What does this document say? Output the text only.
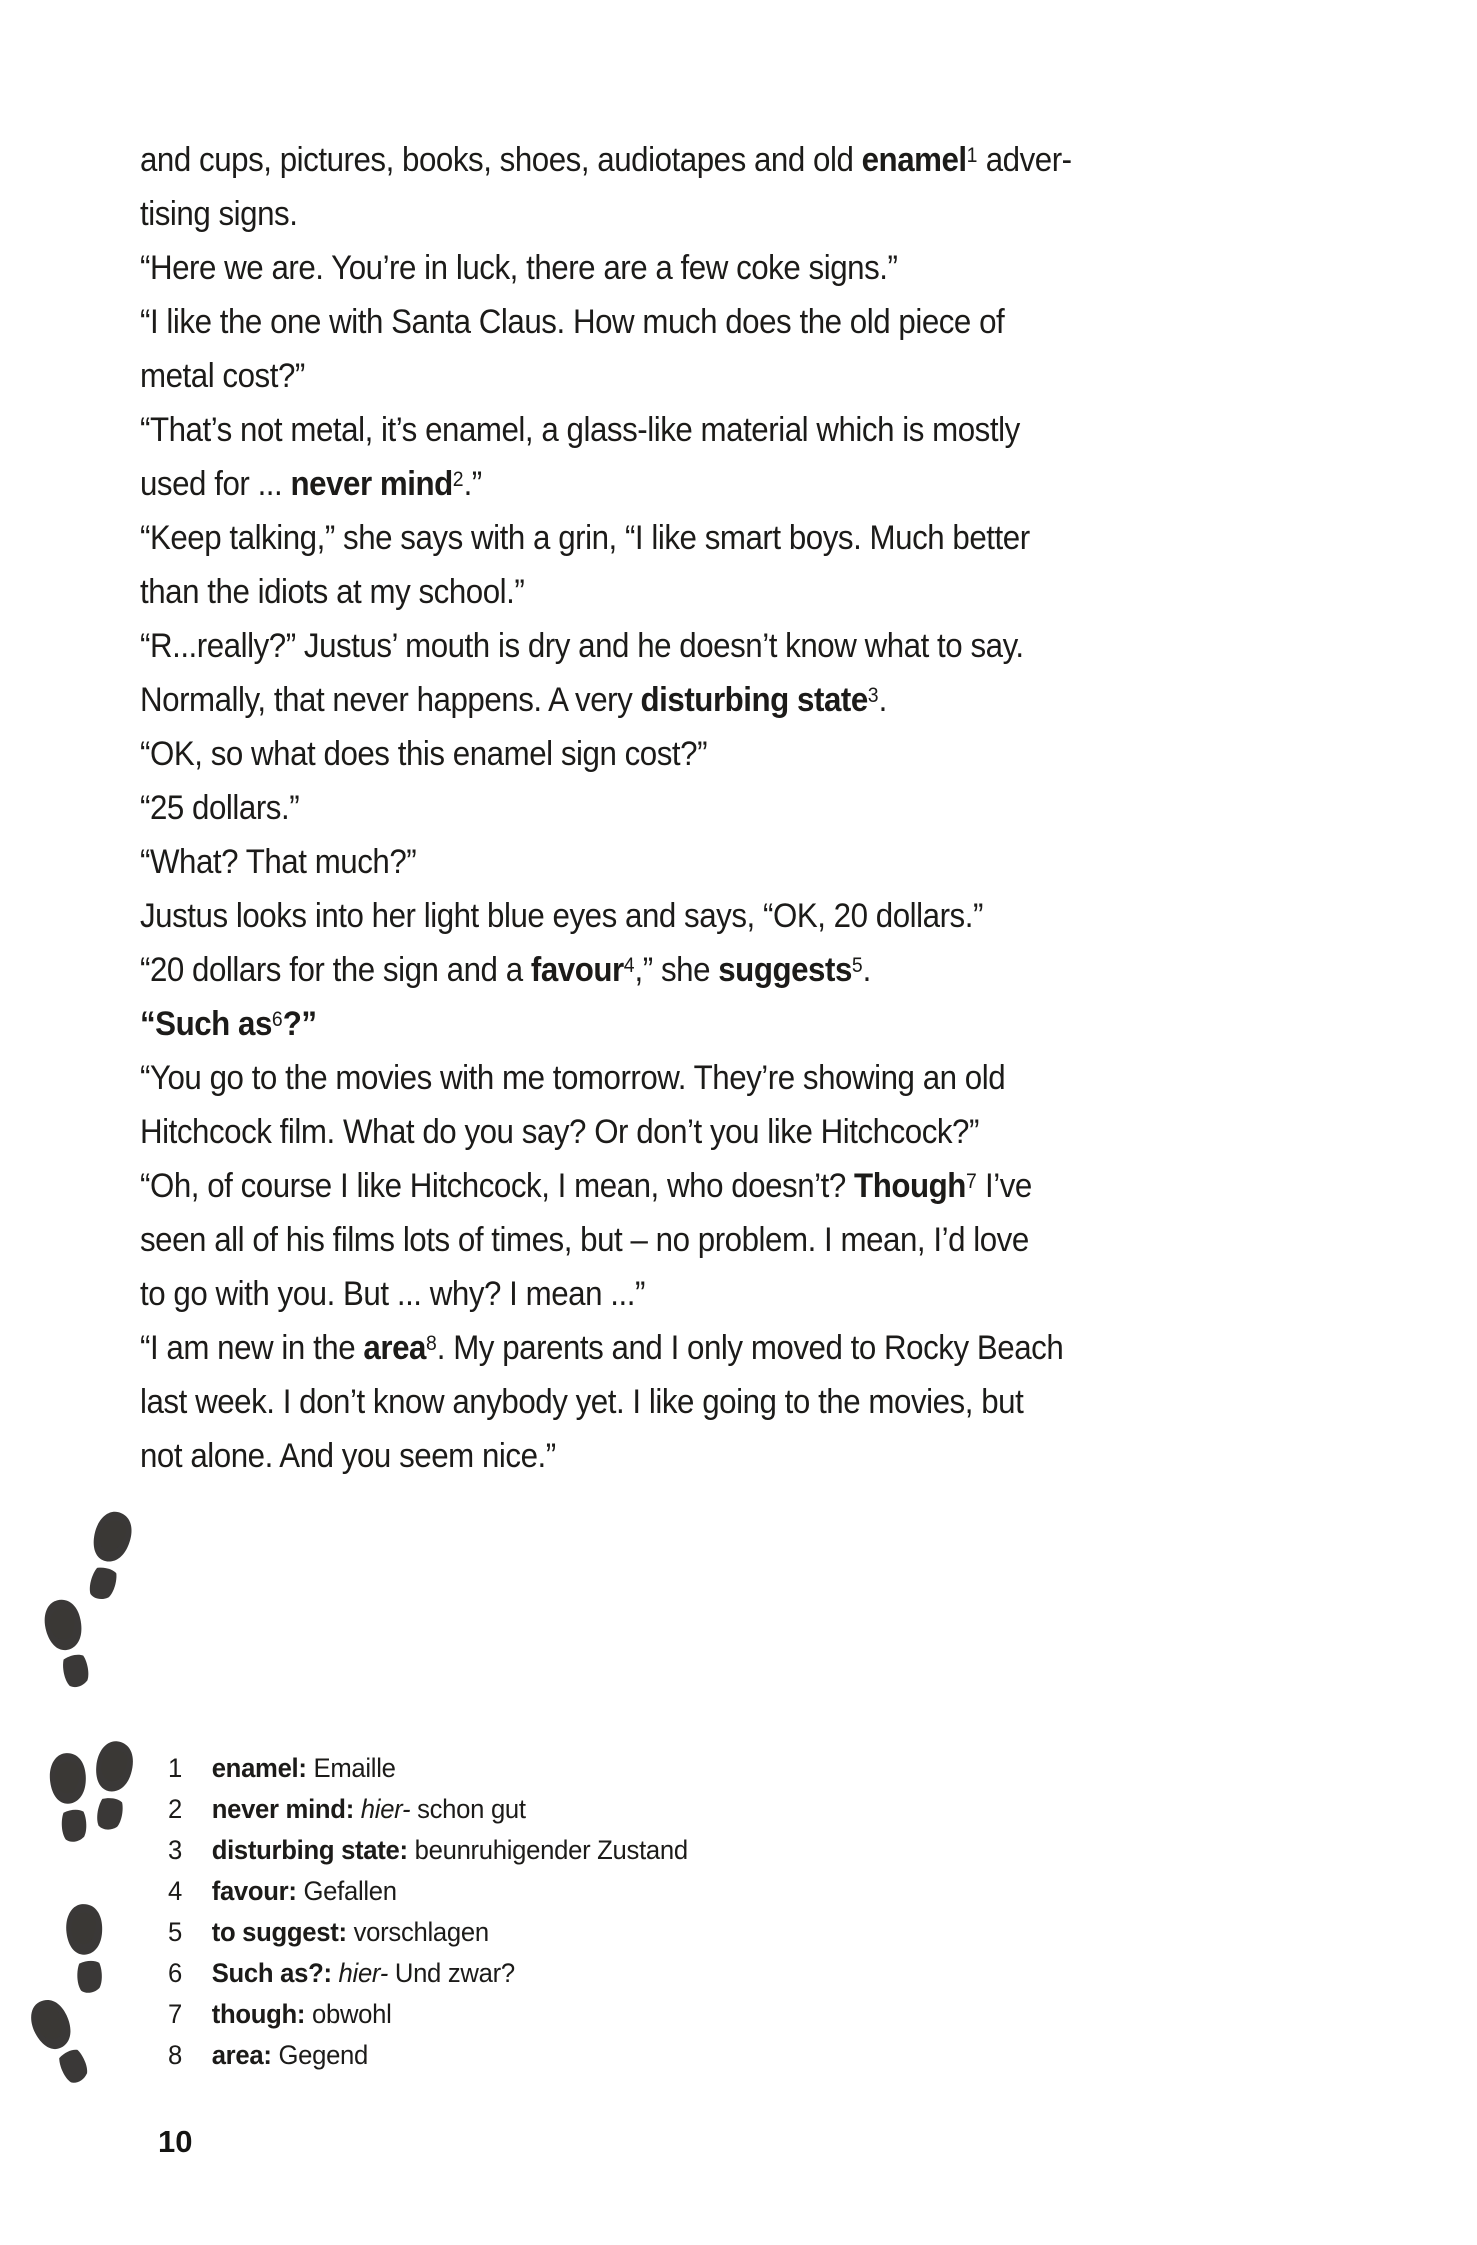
and cups, pictures, books, shoes, audiotapes and old enamel$^1$ adver-
tising signs.
“Here we are. You’re in luck, there are a few coke signs.”
“I like the one with Santa Claus. How much does the old piece of
metal cost?”
“That’s not metal, it’s enamel, a glass-like material which is mostly
used for ... never mind$^2$.”
“Keep talking,” she says with a grin, “I like smart boys. Much better
than the idiots at my school.”
“R...really?” Justus’ mouth is dry and he doesn’t know what to say.
Normally, that never happens. A very disturbing state$^3$.
“OK, so what does this enamel sign cost?”
“25 dollars.”
“What? That much?”
Justus looks into her light blue eyes and says, “OK, 20 dollars.”
“20 dollars for the sign and a favour$^4$,” she suggests$^5$.
“Such $as^6$?”
“You go to the movies with me tomorrow. They’re showing an old
Hitchcock film. What do you say? Or don’t you like Hitchcock?”
“Oh, of course I like Hitchcock, I mean, who doesn’t? Though$^7$ I’ve
seen all of his films lots of times, but – no problem. I mean, I’d love
to go with you. But ... why? I mean ...”
“I am new in the area$^8$. My parents and I only moved to Rocky Beach
last week. I don’t know anybody yet. I like going to the movies, but
not alone. And you seem nice.”
1 enamel: Emaille
2 never mind: hier- schon gut
3 disturbing state: beunruhigender Zustand
4 favour: Gefallen
5 to suggest: vorschlagen
6 Such as?: hier- Und zwar?
7 though: obwohl
8 area: Gegend
10
